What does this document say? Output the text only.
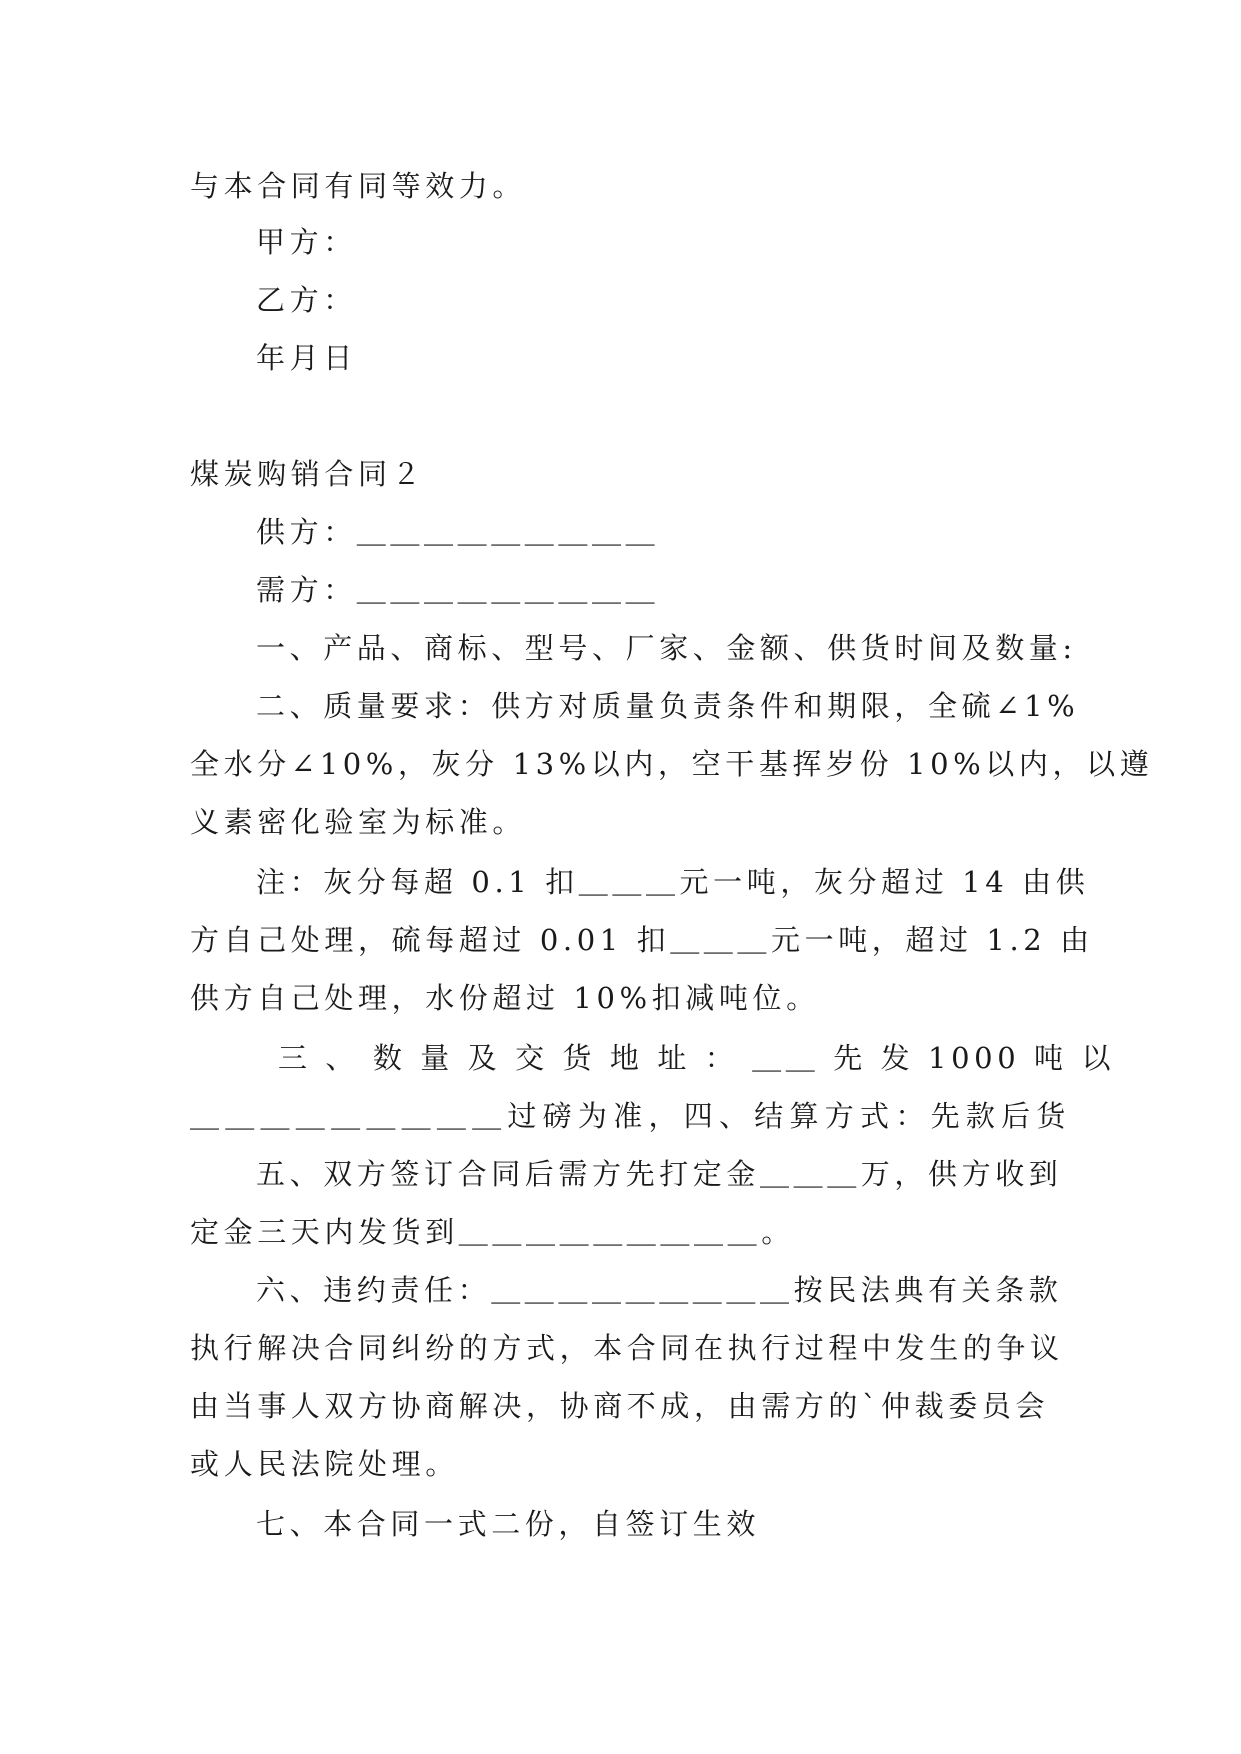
与本合同有同等效力。
甲方：
乙方：
年月日
煤炭购销合同２
供方：＿＿＿＿＿＿＿＿＿
需方：＿＿＿＿＿＿＿＿＿
一、产品、商标、型号、厂家、金额、供货时间及数量:
二、质量要求：供方对质量负责条件和期限，全硫∠1%
全水分∠10%，灰分 13%以内，空干基挥岁份 10%以内，以遵
义素密化验室为标准。
注：灰分每超 0.1 扣＿＿＿元一吨，灰分超过 14 由供
方自己处理，硫每超过 0.01 扣＿＿＿元一吨，超过 1.2 由
供方自己处理，水份超过 10%扣减吨位。
三 、 数 量 及 交 货 地 址 ： ＿＿ 先 发 1000 吨 以
＿＿＿＿＿＿＿＿＿过磅为准，四、结算方式：先款后货
五、双方签订合同后需方先打定金＿＿＿万，供方收到
定金三天内发货到＿＿＿＿＿＿＿＿＿。
六、违约责任：＿＿＿＿＿＿＿＿＿按民法典有关条款
执行解决合同纠纷的方式，本合同在执行过程中发生的争议
由当事人双方协商解决，协商不成，由需方的`仲裁委员会
或人民法院处理。
七、本合同一式二份，自签订生效
